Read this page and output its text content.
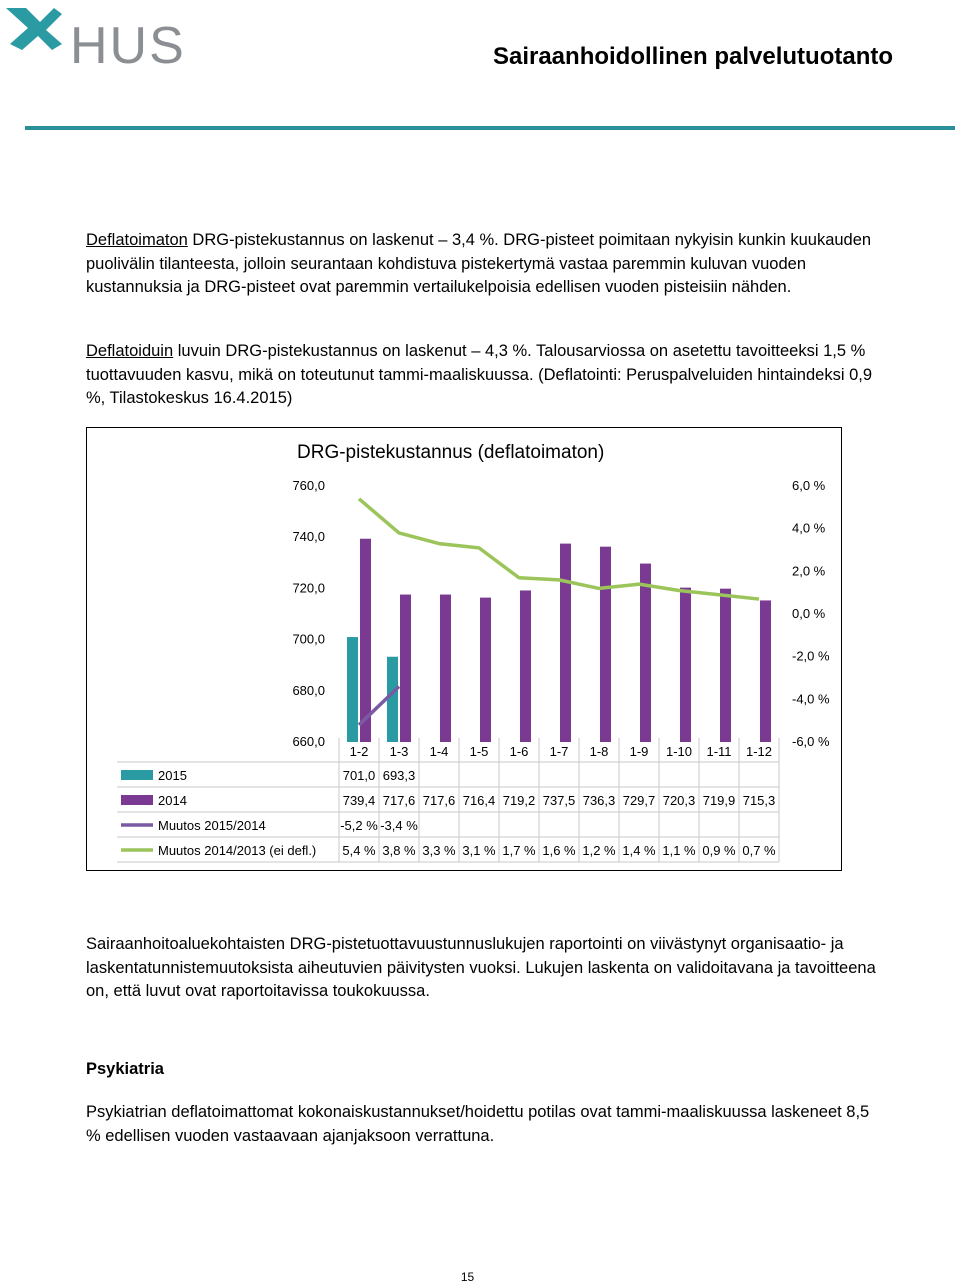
HUS	Sairaanhoidollinen palvelutuotanto

Deflatoimaton DRG-pistekustannus on laskenut – 3,4 %. DRG-pisteet poimitaan nykyisin kunkin kuukauden puolivälin tilanteesta, jolloin seurantaan kohdistuva pistekertymä vastaa paremmin kuluvan vuoden kustannuksia ja DRG-pisteet ovat paremmin vertailukelpoisia edellisen vuoden pisteisiin nähden.

Deflatoiduin luvuin DRG-pistekustannus on laskenut – 4,3 %. Talousarviossa on asetettu tavoitteeksi 1,5 % tuottavuuden kasvu, mikä on toteutunut tammi-maaliskuussa. (Deflatointi: Peruspalveluiden hintaindeksi 0,9 %, Tilastokeskus 16.4.2015)

DRG-pistekustannus (deflatoimaton)
760,0
740,0
720,0
700,0
680,0
660,0
6,0 %
4,0 %
2,0 %
0,0 %
-2,0 %
-4,0 %
-6,0 %
1-2 1-3 1-4 1-5 1-6 1-7 1-8 1-9 1-10 1-11 1-12
2015	701,0 693,3
2014	739,4 717,6 717,6 716,4 719,2 737,5 736,3 729,7 720,3 719,9 715,3
Muutos 2015/2014	-5,2 % -3,4 %
Muutos 2014/2013 (ei defl.) 5,4 % 3,8 % 3,3 % 3,1 % 1,7 % 1,6 % 1,2 % 1,4 % 1,1 % 0,9 % 0,7 %

Sairaanhoitoaluekohtaisten DRG-pistetuottavuustunnuslukujen raportointi on viivästynyt organisaatio- ja laskentatunnistemuutoksista aiheutuvien päivitysten vuoksi. Lukujen laskenta on validoitavana ja tavoitteena on, että luvut ovat raportoitavissa toukokuussa.

Psykiatria

Psykiatrian deflatoimattomat kokonaiskustannukset/hoidettu potilas ovat tammi-maaliskuussa laskeneet 8,5 % edellisen vuoden vastaavaan ajanjaksoon verrattuna.

15
